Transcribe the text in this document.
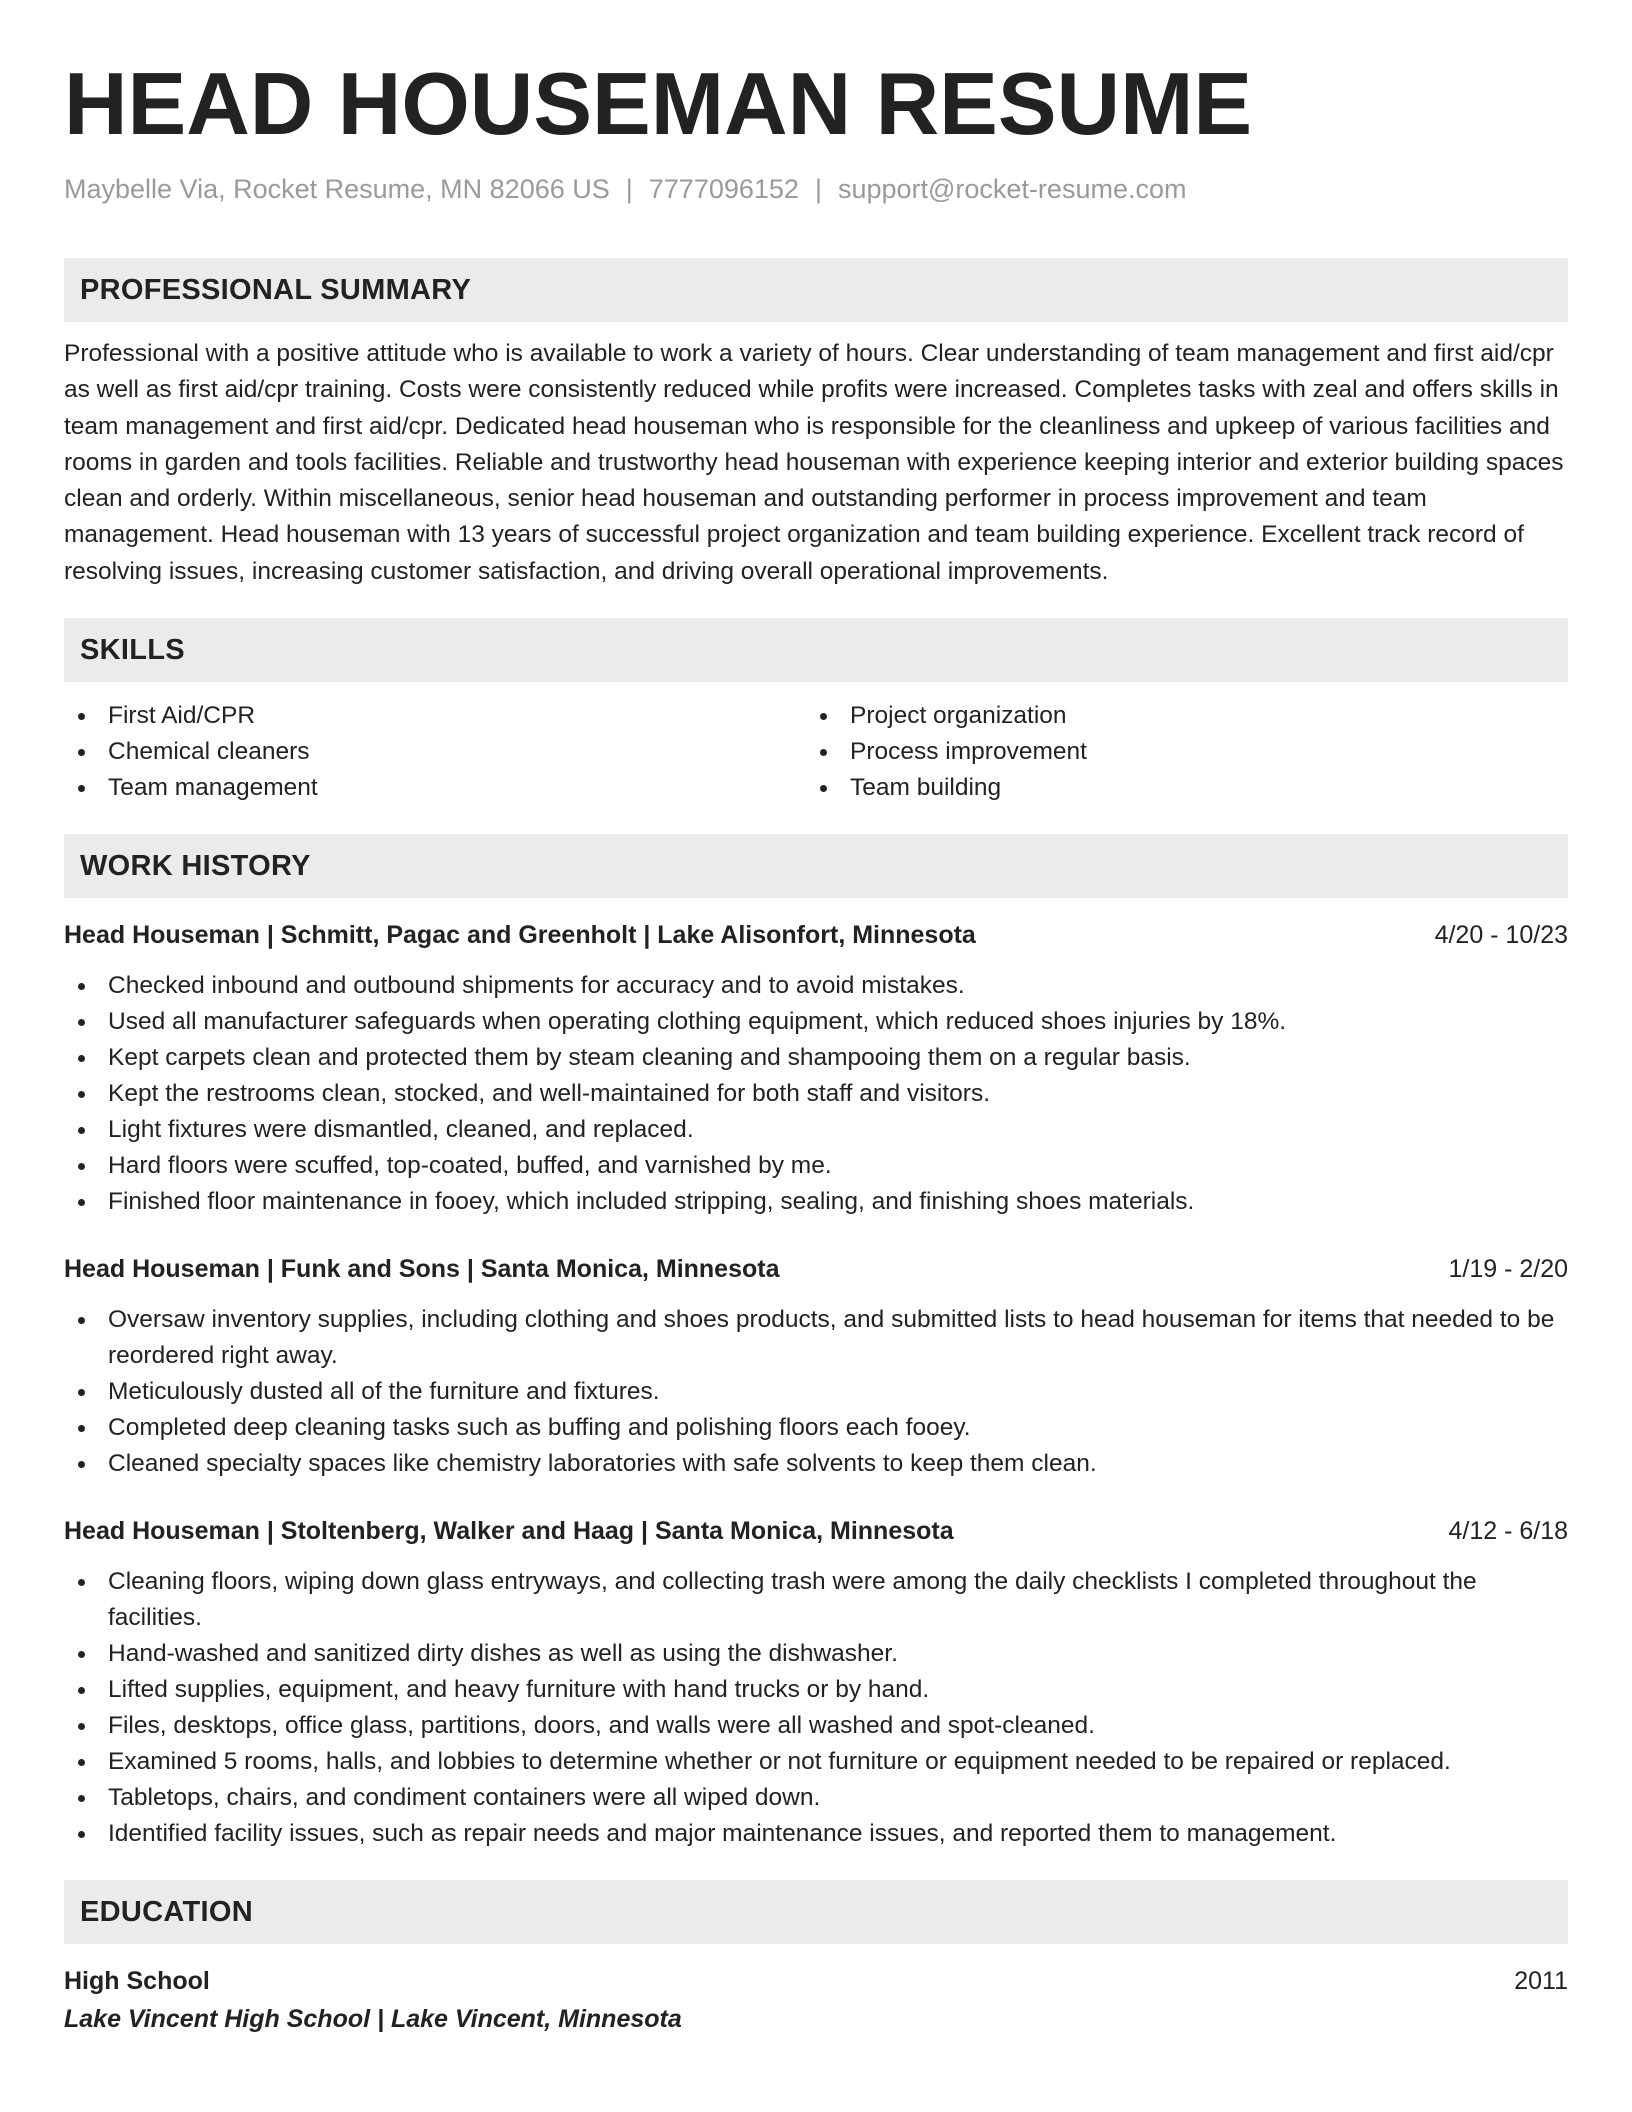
HEAD HOUSEMAN RESUME
Maybelle Via, Rocket Resume, MN 82066 US | 7777096152 | support@rocket-resume.com
PROFESSIONAL SUMMARY
Professional with a positive attitude who is available to work a variety of hours. Clear understanding of team management and first aid/cpr as well as first aid/cpr training. Costs were consistently reduced while profits were increased. Completes tasks with zeal and offers skills in team management and first aid/cpr. Dedicated head houseman who is responsible for the cleanliness and upkeep of various facilities and rooms in garden and tools facilities. Reliable and trustworthy head houseman with experience keeping interior and exterior building spaces clean and orderly. Within miscellaneous, senior head houseman and outstanding performer in process improvement and team management. Head houseman with 13 years of successful project organization and team building experience. Excellent track record of resolving issues, increasing customer satisfaction, and driving overall operational improvements.
SKILLS
First Aid/CPR
Chemical cleaners
Team management
Project organization
Process improvement
Team building
WORK HISTORY
Head Houseman | Schmitt, Pagac and Greenholt | Lake Alisonfort, Minnesota	4/20 - 10/23
Checked inbound and outbound shipments for accuracy and to avoid mistakes.
Used all manufacturer safeguards when operating clothing equipment, which reduced shoes injuries by 18%.
Kept carpets clean and protected them by steam cleaning and shampooing them on a regular basis.
Kept the restrooms clean, stocked, and well-maintained for both staff and visitors.
Light fixtures were dismantled, cleaned, and replaced.
Hard floors were scuffed, top-coated, buffed, and varnished by me.
Finished floor maintenance in fooey, which included stripping, sealing, and finishing shoes materials.
Head Houseman | Funk and Sons | Santa Monica, Minnesota	1/19 - 2/20
Oversaw inventory supplies, including clothing and shoes products, and submitted lists to head houseman for items that needed to be reordered right away.
Meticulously dusted all of the furniture and fixtures.
Completed deep cleaning tasks such as buffing and polishing floors each fooey.
Cleaned specialty spaces like chemistry laboratories with safe solvents to keep them clean.
Head Houseman | Stoltenberg, Walker and Haag | Santa Monica, Minnesota	4/12 - 6/18
Cleaning floors, wiping down glass entryways, and collecting trash were among the daily checklists I completed throughout the facilities.
Hand-washed and sanitized dirty dishes as well as using the dishwasher.
Lifted supplies, equipment, and heavy furniture with hand trucks or by hand.
Files, desktops, office glass, partitions, doors, and walls were all washed and spot-cleaned.
Examined 5 rooms, halls, and lobbies to determine whether or not furniture or equipment needed to be repaired or replaced.
Tabletops, chairs, and condiment containers were all wiped down.
Identified facility issues, such as repair needs and major maintenance issues, and reported them to management.
EDUCATION
High School	2011
Lake Vincent High School | Lake Vincent, Minnesota
